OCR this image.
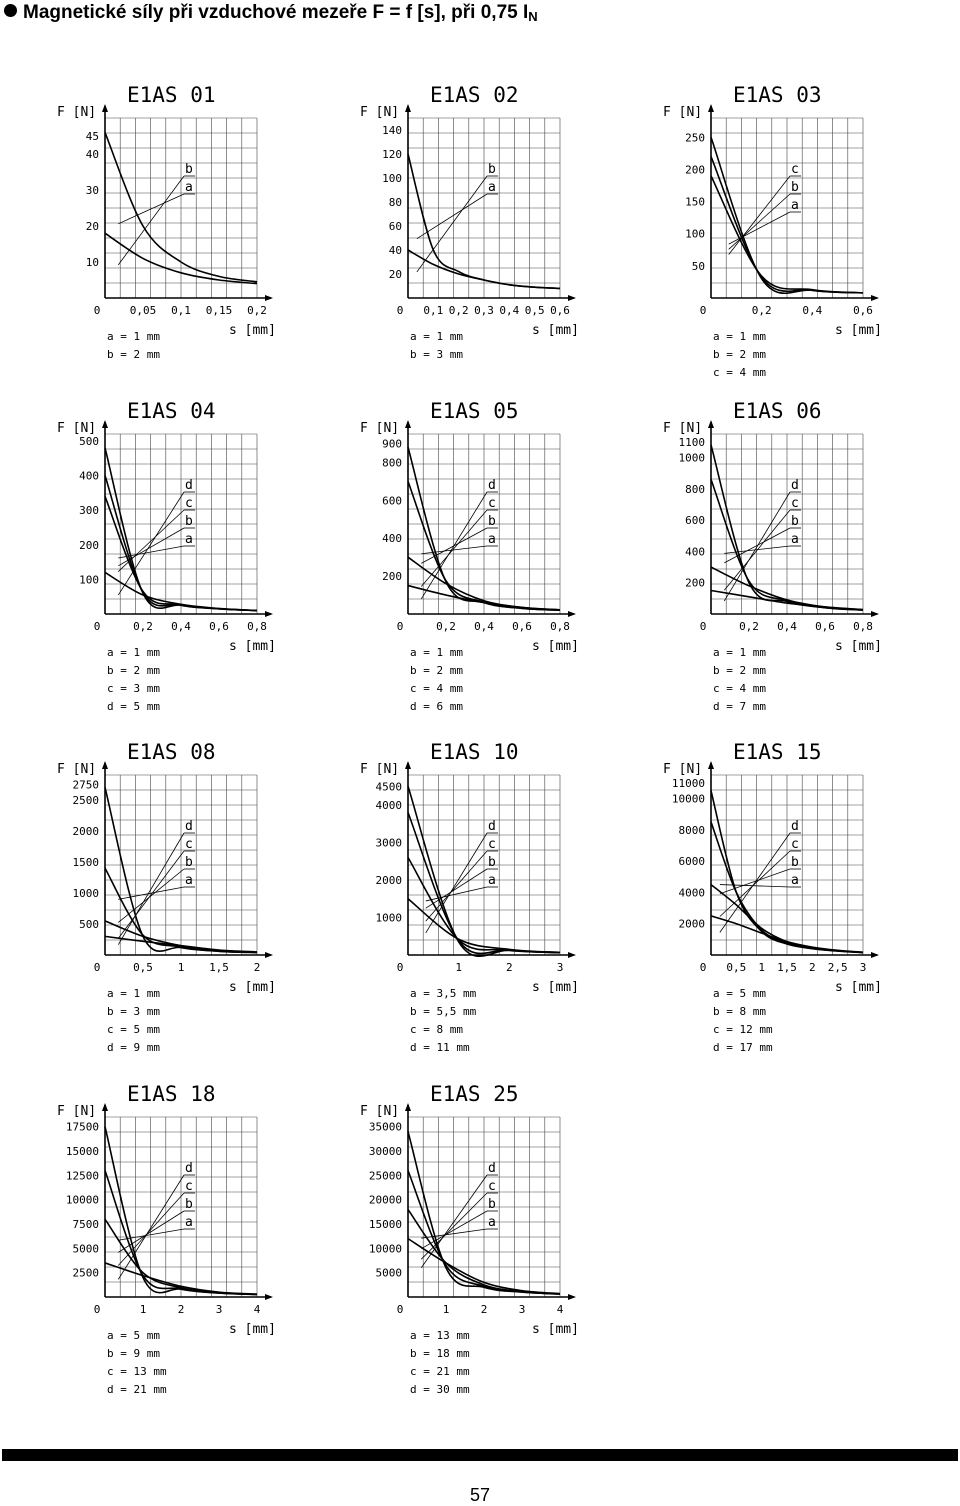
Magnetické síly při vzduchové mezeře F = f [s], při 0,75 $I_N$
E1AS 01
F [N]
s [mm]
10
20
30
40
45
0	0,05 0,1 0,15 0,2
b
a
a = 1 mm
b = 2 mm
E1AS 02
F [N]
s [mm]
20
40
60
80
100
120
140
0 0,1 0,2 0,3 0,4 0,5 0,6
b
a
a = 1 mm
b = 3 mm
E1AS 03
F [N]
s [mm]
50
100
150
200
250
0	0,2	0,4	0,6
c
b
a
a = 1 mm
b = 2 mm
c = 4 mm
E1AS 04
F [N]
s [mm]
100
200
300
400
500
0	0,2 0,4 0,6 0,8
d
c
b
a
a = 1 mm
b = 2 mm
c = 3 mm
d = 5 mm
E1AS 05
F [N]
s [mm]
200
400
600
800
900
0	0,2 0,4 0,6 0,8
d
c
b
a
a = 1 mm
b = 2 mm
c = 4 mm
d = 6 mm
E1AS 06
F [N]
s [mm]
200
400
600
800
1000
1100
0	0,2 0,4 0,6 0,8
d
c
b
a
a = 1 mm
b = 2 mm
c = 4 mm
d = 7 mm
E1AS 08
F [N]
s [mm]
500
1000
1500
2000
2500
2750
0	0,5 1 1,5 2
d
c
b
a
a = 1 mm
b = 3 mm
c = 5 mm
d = 9 mm
E1AS 10
F [N]
s [mm]
1000
2000
3000
4000
4500
0	1	2	3
d
c
b
a
a = 3,5 mm
b = 5,5 mm
c = 8 mm
d = 11 mm
E1AS 15
F [N]
s [mm]
2000
4000
6000
8000
10000
11000
0 0,5 1 1,5 2 2,5 3
d
c
b
a
a = 5 mm
b = 8 mm
c = 12 mm
d = 17 mm
E1AS 18
F [N]
s [mm]
2500
5000
7500
10000
12500
15000
17500
0	1	2	3	4
d
c
b
a
a = 5 mm
b = 9 mm
c = 13 mm
d = 21 mm
E1AS 25
F [N]
s [mm]
5000
10000
15000
20000
25000
30000
35000
0	1	2	3	4
d
c
b
a
a = 13 mm
b = 18 mm
c = 21 mm
d = 30 mm
57
